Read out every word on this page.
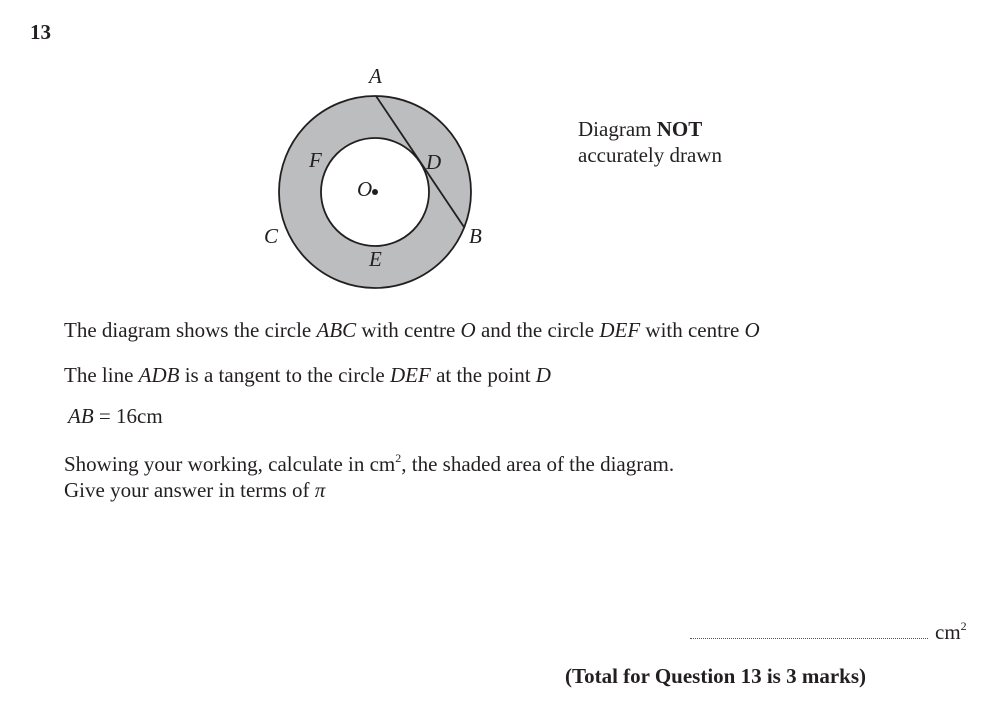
13
A
B
C
D
E
F
O
Diagram NOT
accurately drawn
The diagram shows the circle ABC with centre O and the circle DEF with centre O
The line ADB is a tangent to the circle DEF at the point D
AB = 16cm
Showing your working, calculate in $cm^2$, the shaded area of the diagram.
Give your answer in terms of π
$cm^2$
(Total for Question 13 is 3 marks)
